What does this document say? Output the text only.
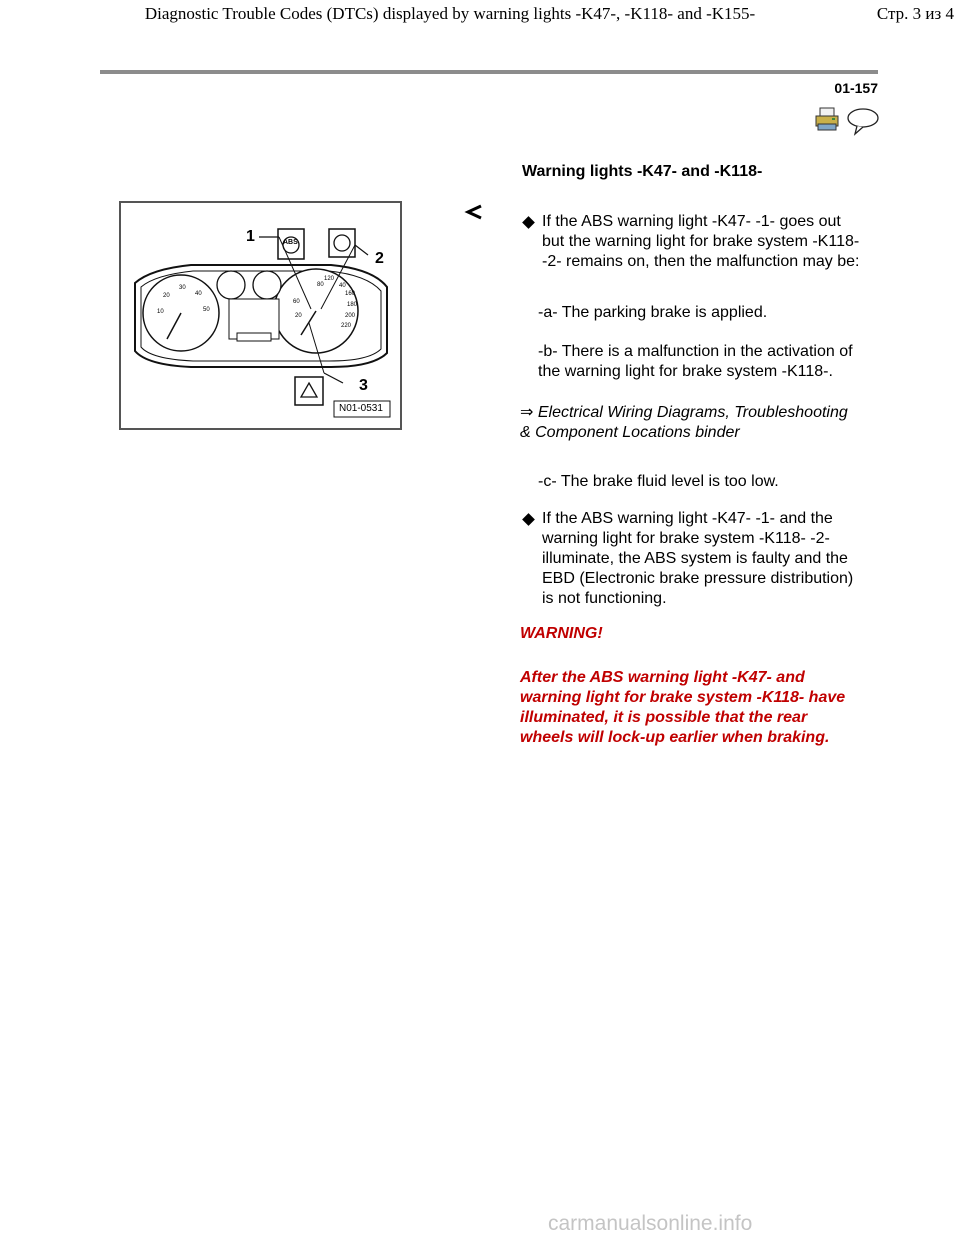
Diagnostic Trouble Codes (DTCs) displayed by warning lights -K47-, -K118- and -K155-	Стр. 3 из 4
01-157
Warning lights -K47- and -K118-
1
2
3
ABS
N01-0531
40
80
120
160
180
200
220
60
20
10
20
30
40
50
If the ABS warning light -K47- -1- goes out but the warning light for brake system -K118- -2- remains on, then the malfunction may be:
-a- The parking brake is applied.
-b- There is a malfunction in the activation of the warning light for brake system -K118-.
⇒ Electrical Wiring Diagrams, Troubleshooting & Component Locations binder
-c- The brake fluid level is too low.
If the ABS warning light -K47- -1- and the warning light for brake system -K118- -2- illuminate, the ABS system is faulty and the EBD (Electronic brake pressure distribution) is not functioning.
WARNING!
After the ABS warning light -K47- and warning light for brake system -K118- have illuminated, it is possible that the rear wheels will lock-up earlier when braking.
carmanualsonline.info
